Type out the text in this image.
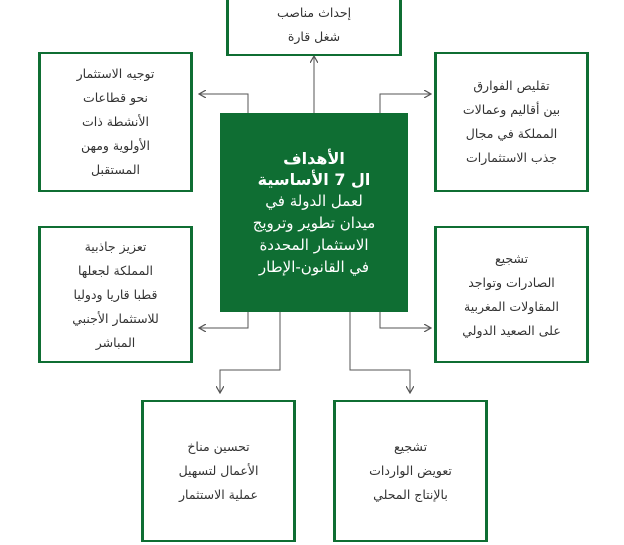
إحداث مناصب
شغل قارة
توجيه الاستثمار
نحو قطاعات
الأنشطة ذات
الأولوية ومهن
المستقبل
تقليص الفوارق
بين أقاليم وعمالات
المملكة في مجال
جذب الاستثمارات
الأهداف
ال 7 الأساسية
لعمل الدولة في
ميدان تطوير وترويج
الاستثمار المحددة
في القانون-الإطار
تعزيز جاذبية
المملكة لجعلها
قطبا قاريا ودوليا
للاستثمار الأجنبي
المباشر
تشجيع
الصادرات وتواجد
المقاولات المغربية
على الصعيد الدولي
تحسين مناخ
الأعمال لتسهيل
عملية الاستثمار
تشجيع
تعويض الواردات
بالإنتاج المحلي
